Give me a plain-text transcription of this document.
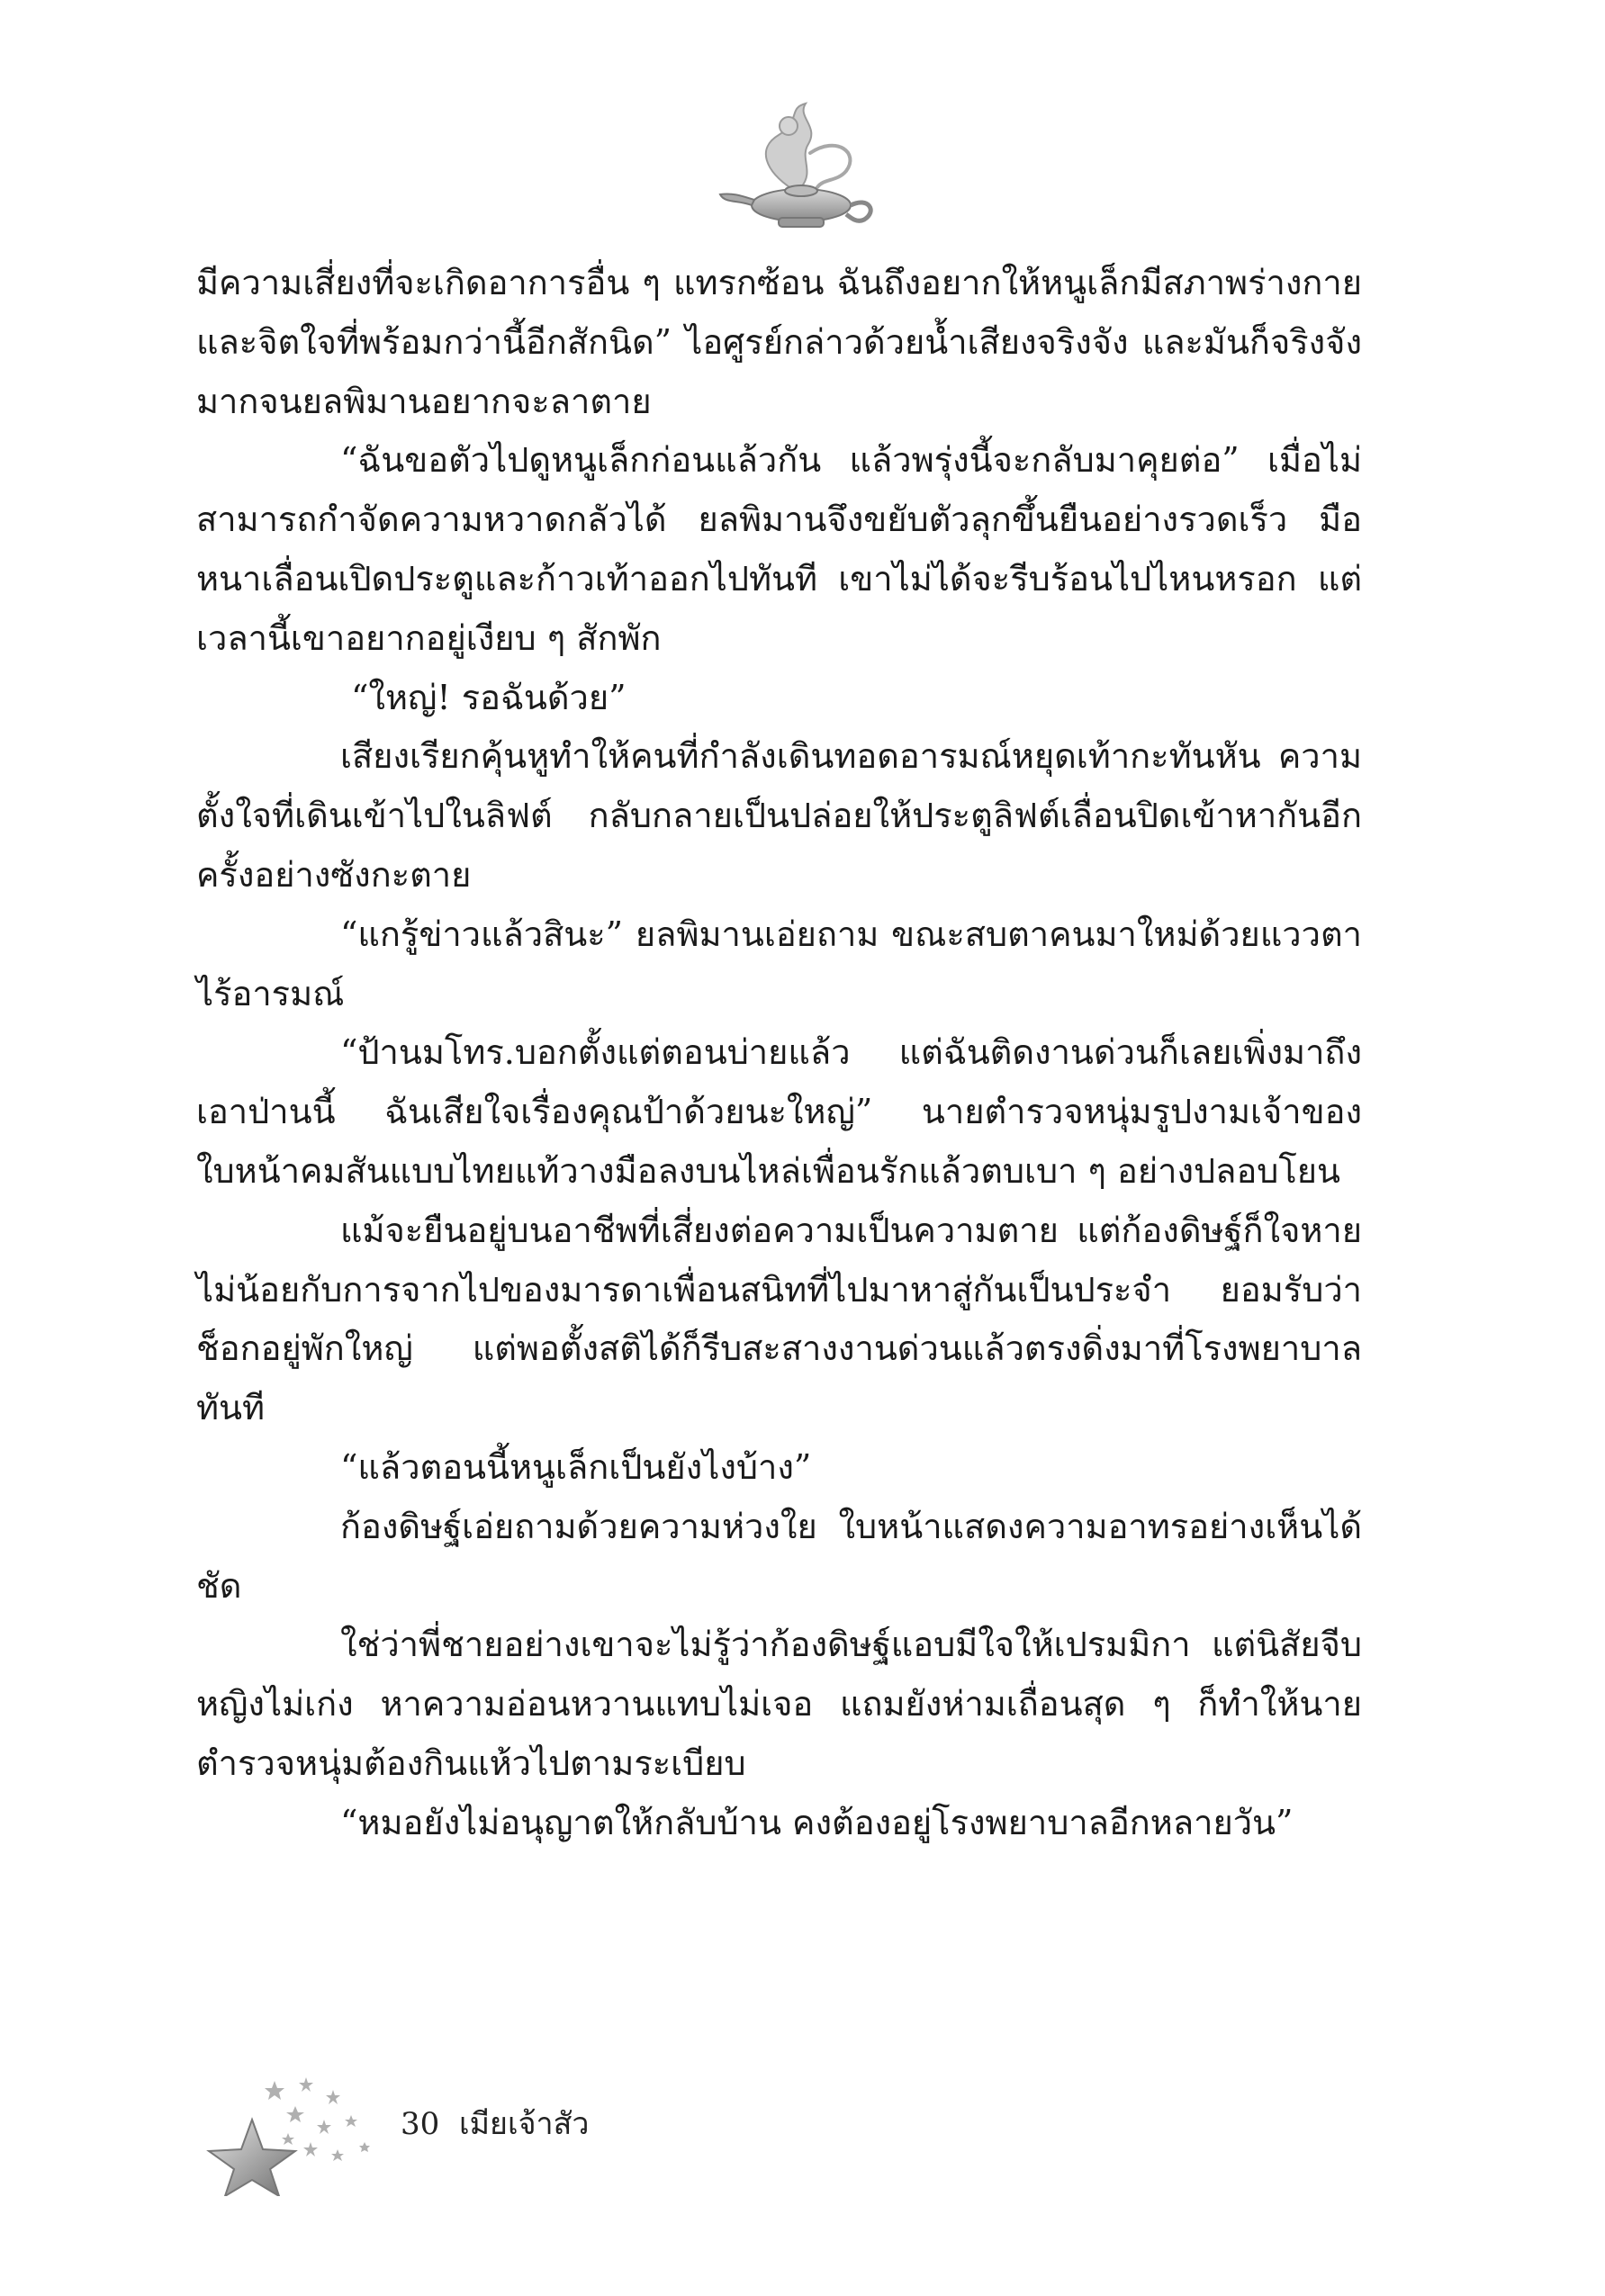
มีความเสี่ยงที่จะเกิดอาการอื่น ๆ แทรกซ้อน ฉันถึงอยากให้หนูเล็กมีสภาพร่างกายและจิตใจที่พร้อมกว่านี้อีกสักนิด” ไอศูรย์กล่าวด้วยน้ำเสียงจริงจัง และมันก็จริงจังมากจนยลพิมานอยากจะลาตาย

“ฉันขอตัวไปดูหนูเล็กก่อนแล้วกัน แล้วพรุ่งนี้จะกลับมาคุยต่อ” เมื่อไม่สามารถกำจัดความหวาดกลัวได้ ยลพิมานจึงขยับตัวลุกขึ้นยืนอย่างรวดเร็ว มือหนาเลื่อนเปิดประตูและก้าวเท้าออกไปทันที เขาไม่ได้จะรีบร้อนไปไหนหรอก แต่เวลานี้เขาอยากอยู่เงียบ ๆ สักพัก

“ใหญ่! รอฉันด้วย”

เสียงเรียกคุ้นหูทำให้คนที่กำลังเดินทอดอารมณ์หยุดเท้ากะทันหัน ความตั้งใจที่เดินเข้าไปในลิฟต์ กลับกลายเป็นปล่อยให้ประตูลิฟต์เลื่อนปิดเข้าหากันอีกครั้งอย่างซังกะตาย

“แกรู้ข่าวแล้วสินะ” ยลพิมานเอ่ยถาม ขณะสบตาคนมาใหม่ด้วยแววตาไร้อารมณ์

“ป้านมโทร.บอกตั้งแต่ตอนบ่ายแล้ว แต่ฉันติดงานด่วนก็เลยเพิ่งมาถึงเอาป่านนี้ ฉันเสียใจเรื่องคุณป้าด้วยนะใหญ่” นายตำรวจหนุ่มรูปงามเจ้าของใบหน้าคมสันแบบไทยแท้วางมือลงบนไหล่เพื่อนรักแล้วตบเบา ๆ อย่างปลอบโยน

แม้จะยืนอยู่บนอาชีพที่เสี่ยงต่อความเป็นความตาย แต่ก้องดิษฐ์ก็ใจหายไม่น้อยกับการจากไปของมารดาเพื่อนสนิทที่ไปมาหาสู่กันเป็นประจำ ยอมรับว่าช็อกอยู่พักใหญ่ แต่พอตั้งสติได้ก็รีบสะสางงานด่วนแล้วตรงดิ่งมาที่โรงพยาบาลทันที

“แล้วตอนนี้หนูเล็กเป็นยังไงบ้าง”

ก้องดิษฐ์เอ่ยถามด้วยความห่วงใย ใบหน้าแสดงความอาทรอย่างเห็นได้ชัด

ใช่ว่าพี่ชายอย่างเขาจะไม่รู้ว่าก้องดิษฐ์แอบมีใจให้เปรมมิกา แต่นิสัยจีบหญิงไม่เก่ง หาความอ่อนหวานแทบไม่เจอ แถมยังห่ามเถื่อนสุด ๆ ก็ทำให้นายตำรวจหนุ่มต้องกินแห้วไปตามระเบียบ

“หมอยังไม่อนุญาตให้กลับบ้าน คงต้องอยู่โรงพยาบาลอีกหลายวัน”

30 เมียเจ้าสัว
